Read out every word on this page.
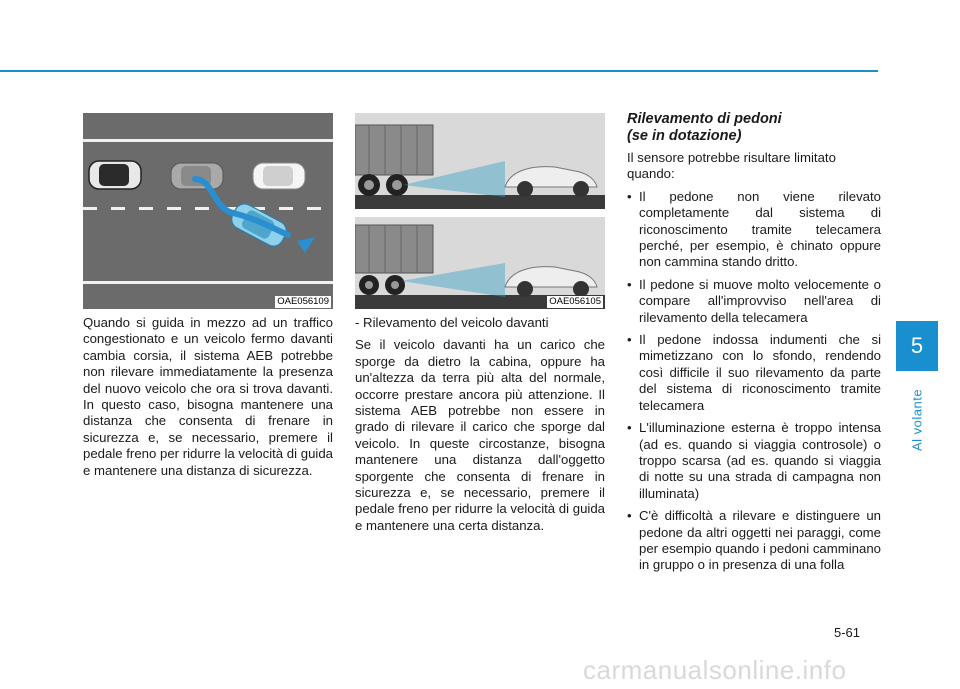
5
Al volante
OAE056109	OAE056105

Quando si guida in mezzo ad un traffico congestionato e un veicolo fermo davanti cambia corsia, il sistema AEB potrebbe non rilevare immediatamente la presenza del nuovo veicolo che ora si trova davanti. In questo caso, bisogna mantenere una distanza che consenta di frenare in sicurezza e, se necessario, premere il pedale freno per ridurre la velocità di guida e mantenere una distanza di sicurezza.

- Rilevamento del veicolo davanti

Se il veicolo davanti ha un carico che sporge da dietro la cabina, oppure ha un'altezza da terra più alta del normale, occorre prestare ancora più attenzione. Il sistema AEB potrebbe non essere in grado di rilevare il carico che sporge dal veicolo. In queste circostanze, bisogna mantenere una distanza dall'oggetto sporgente che consenta di frenare in sicurezza e, se necessario, premere il pedale freno per ridurre la velocità di guida e mantenere una certa distanza.

Rilevamento di pedoni
(se in dotazione)

Il sensore potrebbe risultare limitato quando:

• Il pedone non viene rilevato completamente dal sistema di riconoscimento tramite telecamera perché, per esempio, è chinato oppure non cammina stando dritto.
• Il pedone si muove molto velocemente o compare all'improvviso nell'area di rilevamento della telecamera
• Il pedone indossa indumenti che si mimetizzano con lo sfondo, rendendo così difficile il suo rilevamento da parte del sistema di riconoscimento tramite telecamera
• L'illuminazione esterna è troppo intensa (ad es. quando si viaggia controsole) o troppo scarsa (ad es. quando si viaggia di notte su una strada di campagna non illuminata)
• C'è difficoltà a rilevare e distinguere un pedone da altri oggetti nei paraggi, come per esempio quando i pedoni camminano in gruppo o in presenza di una folla
5-61
carmanualsonline.info
